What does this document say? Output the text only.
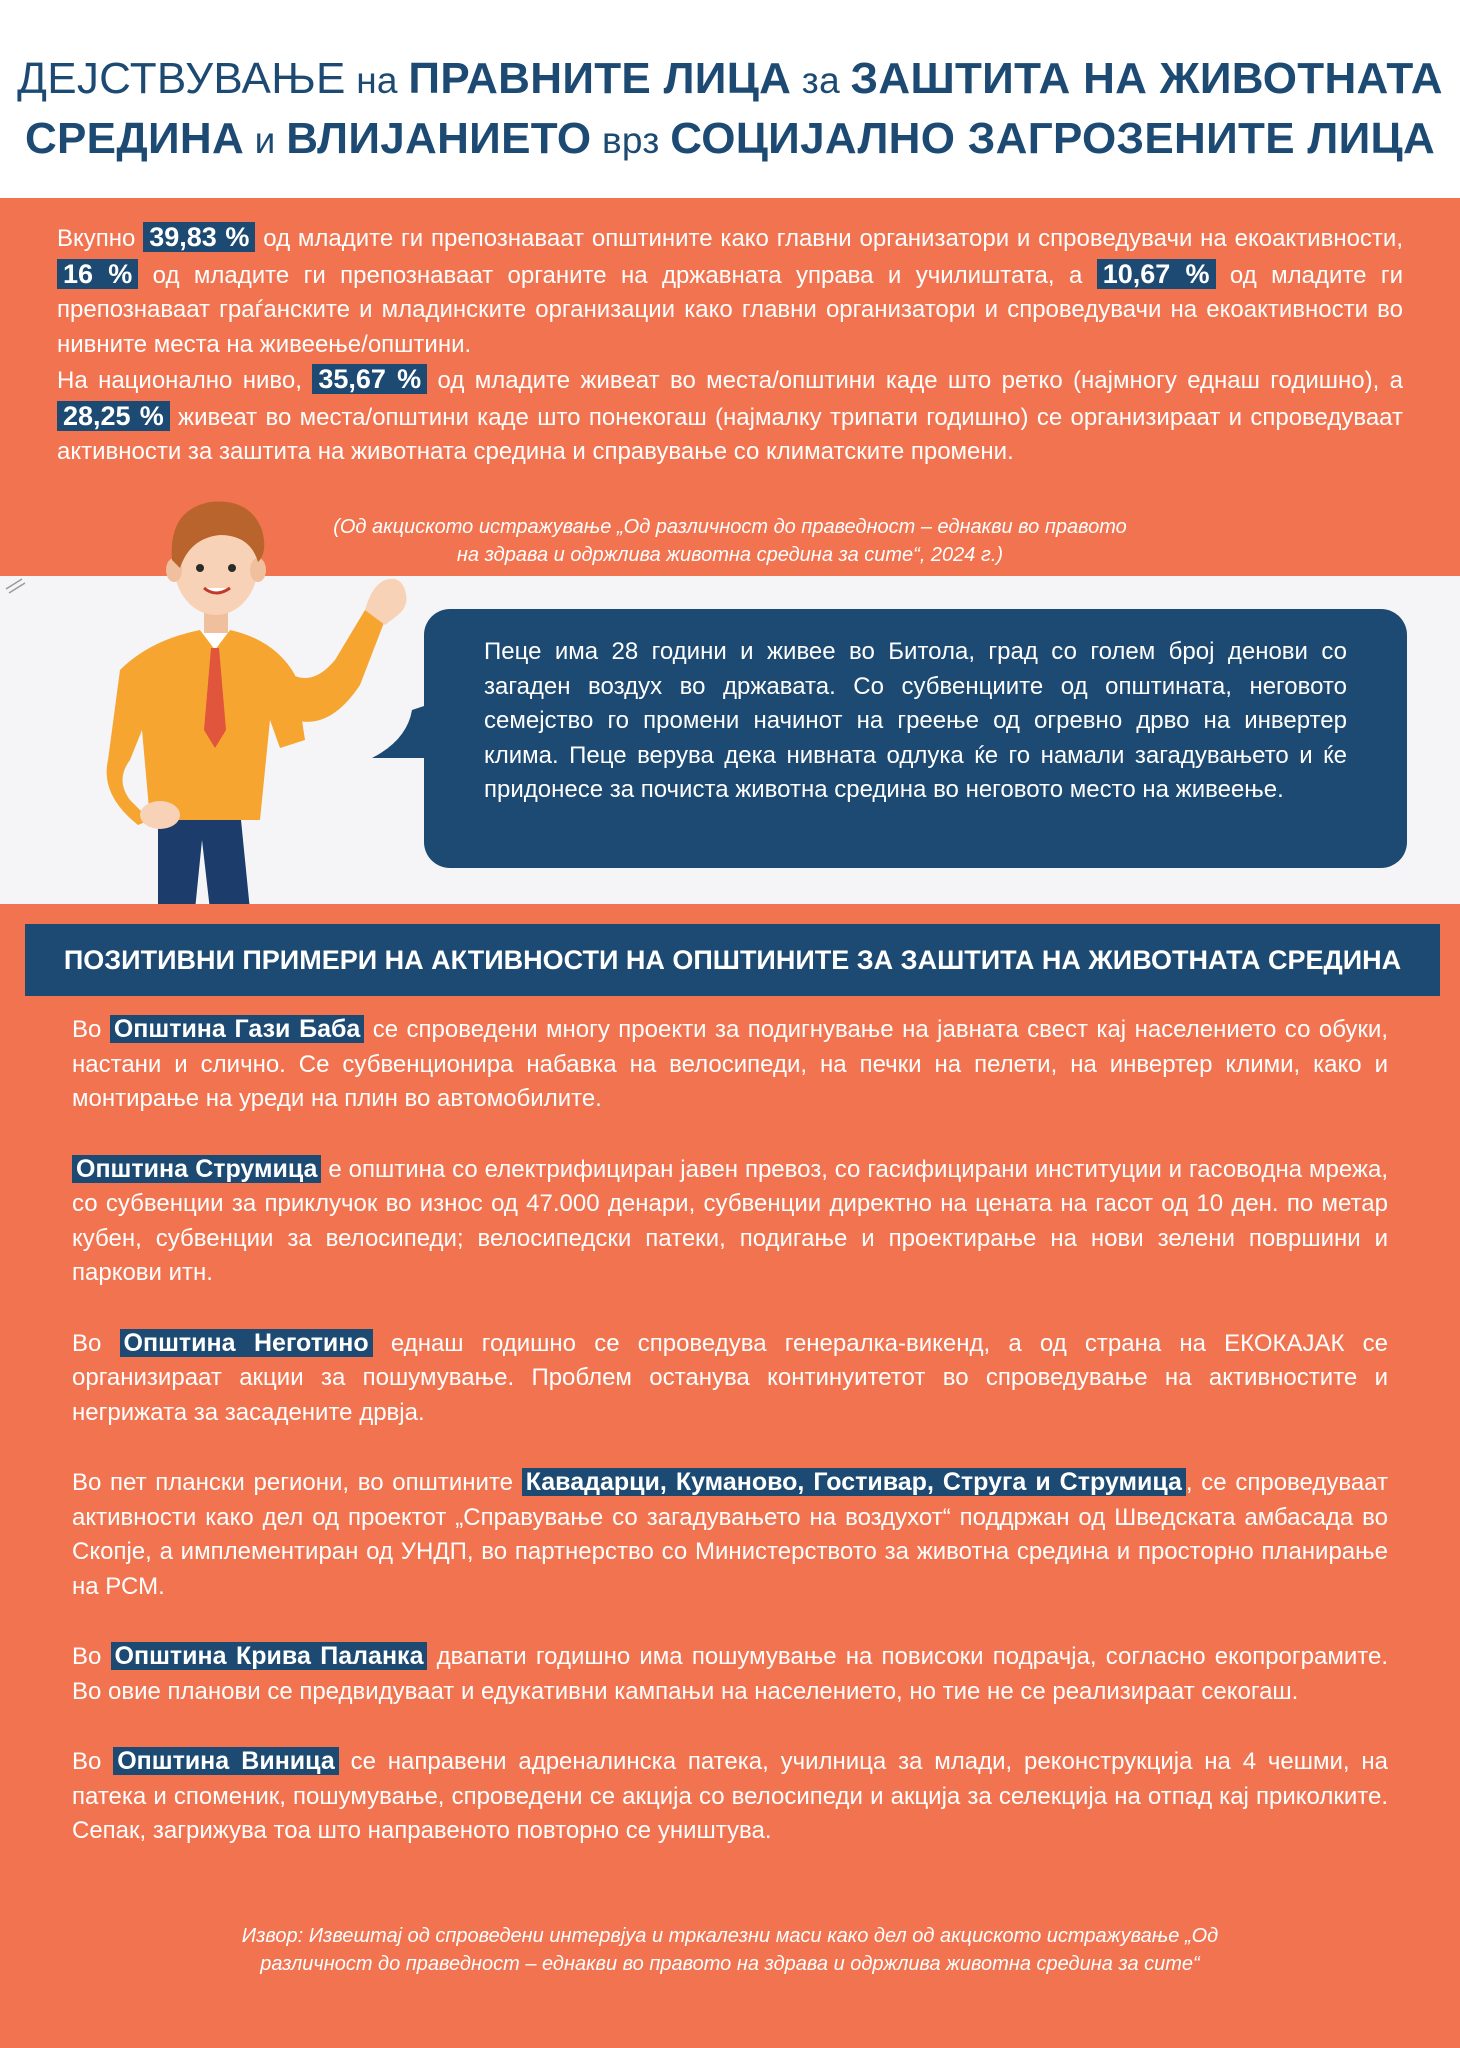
ДЕЈСТВУВАЊЕ на ПРАВНИТЕ ЛИЦА за ЗАШТИТА НА ЖИВОТНАТА
СРЕДИНА и ВЛИЈАНИЕТО врз СОЦИЈАЛНО ЗАГРОЗЕНИТЕ ЛИЦА

Вкупно 39,83 % од младите ги препознаваат општините како главни организатори и спроведувачи на екоактивности, 16 % од младите ги препознаваат органите на државната управа и училиштата, а 10,67 % од младите ги препознаваат граѓанските и младинските организации како главни организатори и спроведувачи на екоактивности во нивните места на живеење/општини.

На национално ниво, 35,67 % од младите живеат во места/општини каде што ретко (најмногу еднаш годишно), а 28,25 % живеат во места/општини каде што понекогаш (најмалку трипати годишно) се организираат и спроведуваат активности за заштита на животната средина и справување со климатските промени.

(Од акциското истражување „Од различност до праведност – еднакви во правото
на здрава и одржлива животна средина за сите“, 2024 г.)

Пеце има 28 години и живее во Битола, град со голем број денови со загаден воздух во државата. Со субвенциите од општината, неговото семејство го промени начинот на греење од огревно дрво на инвертер клима. Пеце верува дека нивната одлука ќе го намали загадувањето и ќе придонесе за почиста животна средина во неговото место на живеење.

ПОЗИТИВНИ ПРИМЕРИ НА АКТИВНОСТИ НА ОПШТИНИТЕ ЗА ЗАШТИТА НА ЖИВОТНАТА СРЕДИНА

Во Општина Гази Баба се спроведени многу проекти за подигнување на јавната свест кај населението со обуки, настани и слично. Се субвенционира набавка на велосипеди, на печки на пелети, на инвертер клими, како и монтирање на уреди на плин во автомобилите.

Општина Струмица е општина со електрифициран јавен превоз, со гасифицирани институции и гасоводна мрежа, со субвенции за приклучок во износ од 47.000 денари, субвенции директно на цената на гасот од 10 ден. по метар кубен, субвенции за велосипеди; велосипедски патеки, подигање и проектирање на нови зелени површини и паркови итн.

Во Општина Неготино еднаш годишно се спроведува генералка-викенд, а од страна на ЕКОКАЈАК се организираат акции за пошумување. Проблем останува континуитетот во спроведување на активностите и негрижата за засадените дрвја.

Во пет плански региони, во општините Кавадарци, Куманово, Гостивар, Струга и Струмица , се спроведуваат активности како дел од проектот „Справување со загадувањето на воздухот“ поддржан од Шведската амбасада во Скопје, а имплементиран од УНДП, во партнерство со Министерството за животна средина и просторно планирање на РСМ.

Во Општина Крива Паланка двапати годишно има пошумување на повисоки подрачја, согласно екопрограмите. Во овие планови се предвидуваат и едукативни кампањи на населението, но тие не се реализираат секогаш.

Во Општина Виница се направени адреналинска патека, училница за млади, реконструкција на 4 чешми, на патека и споменик, пошумување, спроведени се акција со велосипеди и акција за селекција на отпад кај приколките. Сепак, загрижува тоа што направеното повторно се уништува.

Извор: Извештај од спроведени интервјуа и тркалезни маси како дел од акциското истражување „Од
различност до праведност – еднакви во правото на здрава и одржлива животна средина за сите“
